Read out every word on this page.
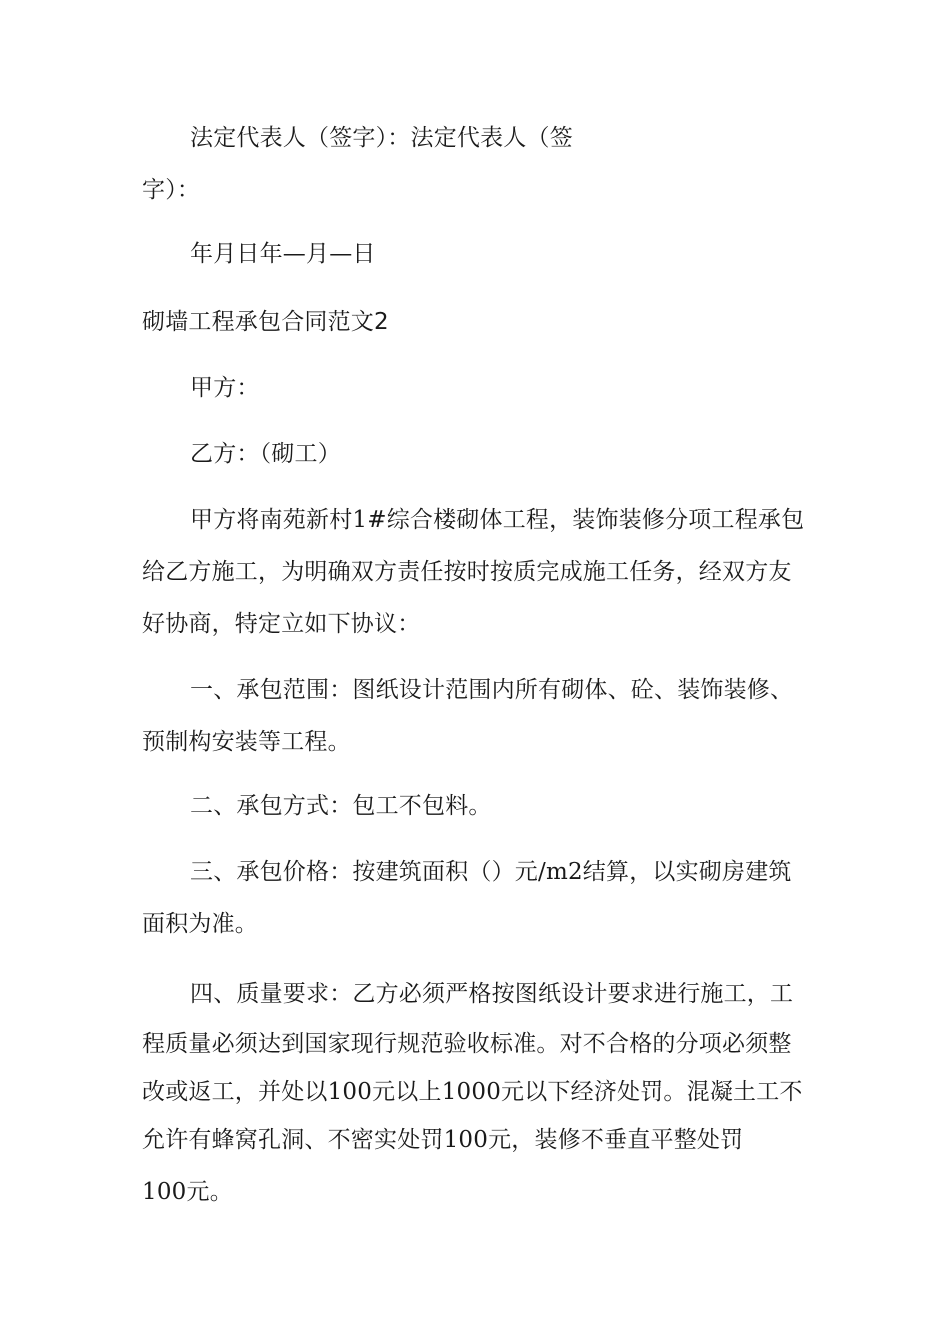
法定代表人（签字）：法定代表人（签
字）：
年月日年—月—日
砌墙工程承包合同范文2
甲方：
乙方：（砌工）
甲方将南苑新村1#综合楼砌体工程，装饰装修分项工程承包
给乙方施工，为明确双方责任按时按质完成施工任务，经双方友
好协商，特定立如下协议：
一、承包范围：图纸设计范围内所有砌体、砼、装饰装修、
预制构安装等工程。
二、承包方式：包工不包料。
三、承包价格：按建筑面积（）元/m2结算，以实砌房建筑
面积为准。
四、质量要求：乙方必须严格按图纸设计要求进行施工，工
程质量必须达到国家现行规范验收标准。对不合格的分项必须整
改或返工，并处以100元以上1000元以下经济处罚。混凝土工不
允许有蜂窝孔洞、不密实处罚100元，装修不垂直平整处罚
100元。
